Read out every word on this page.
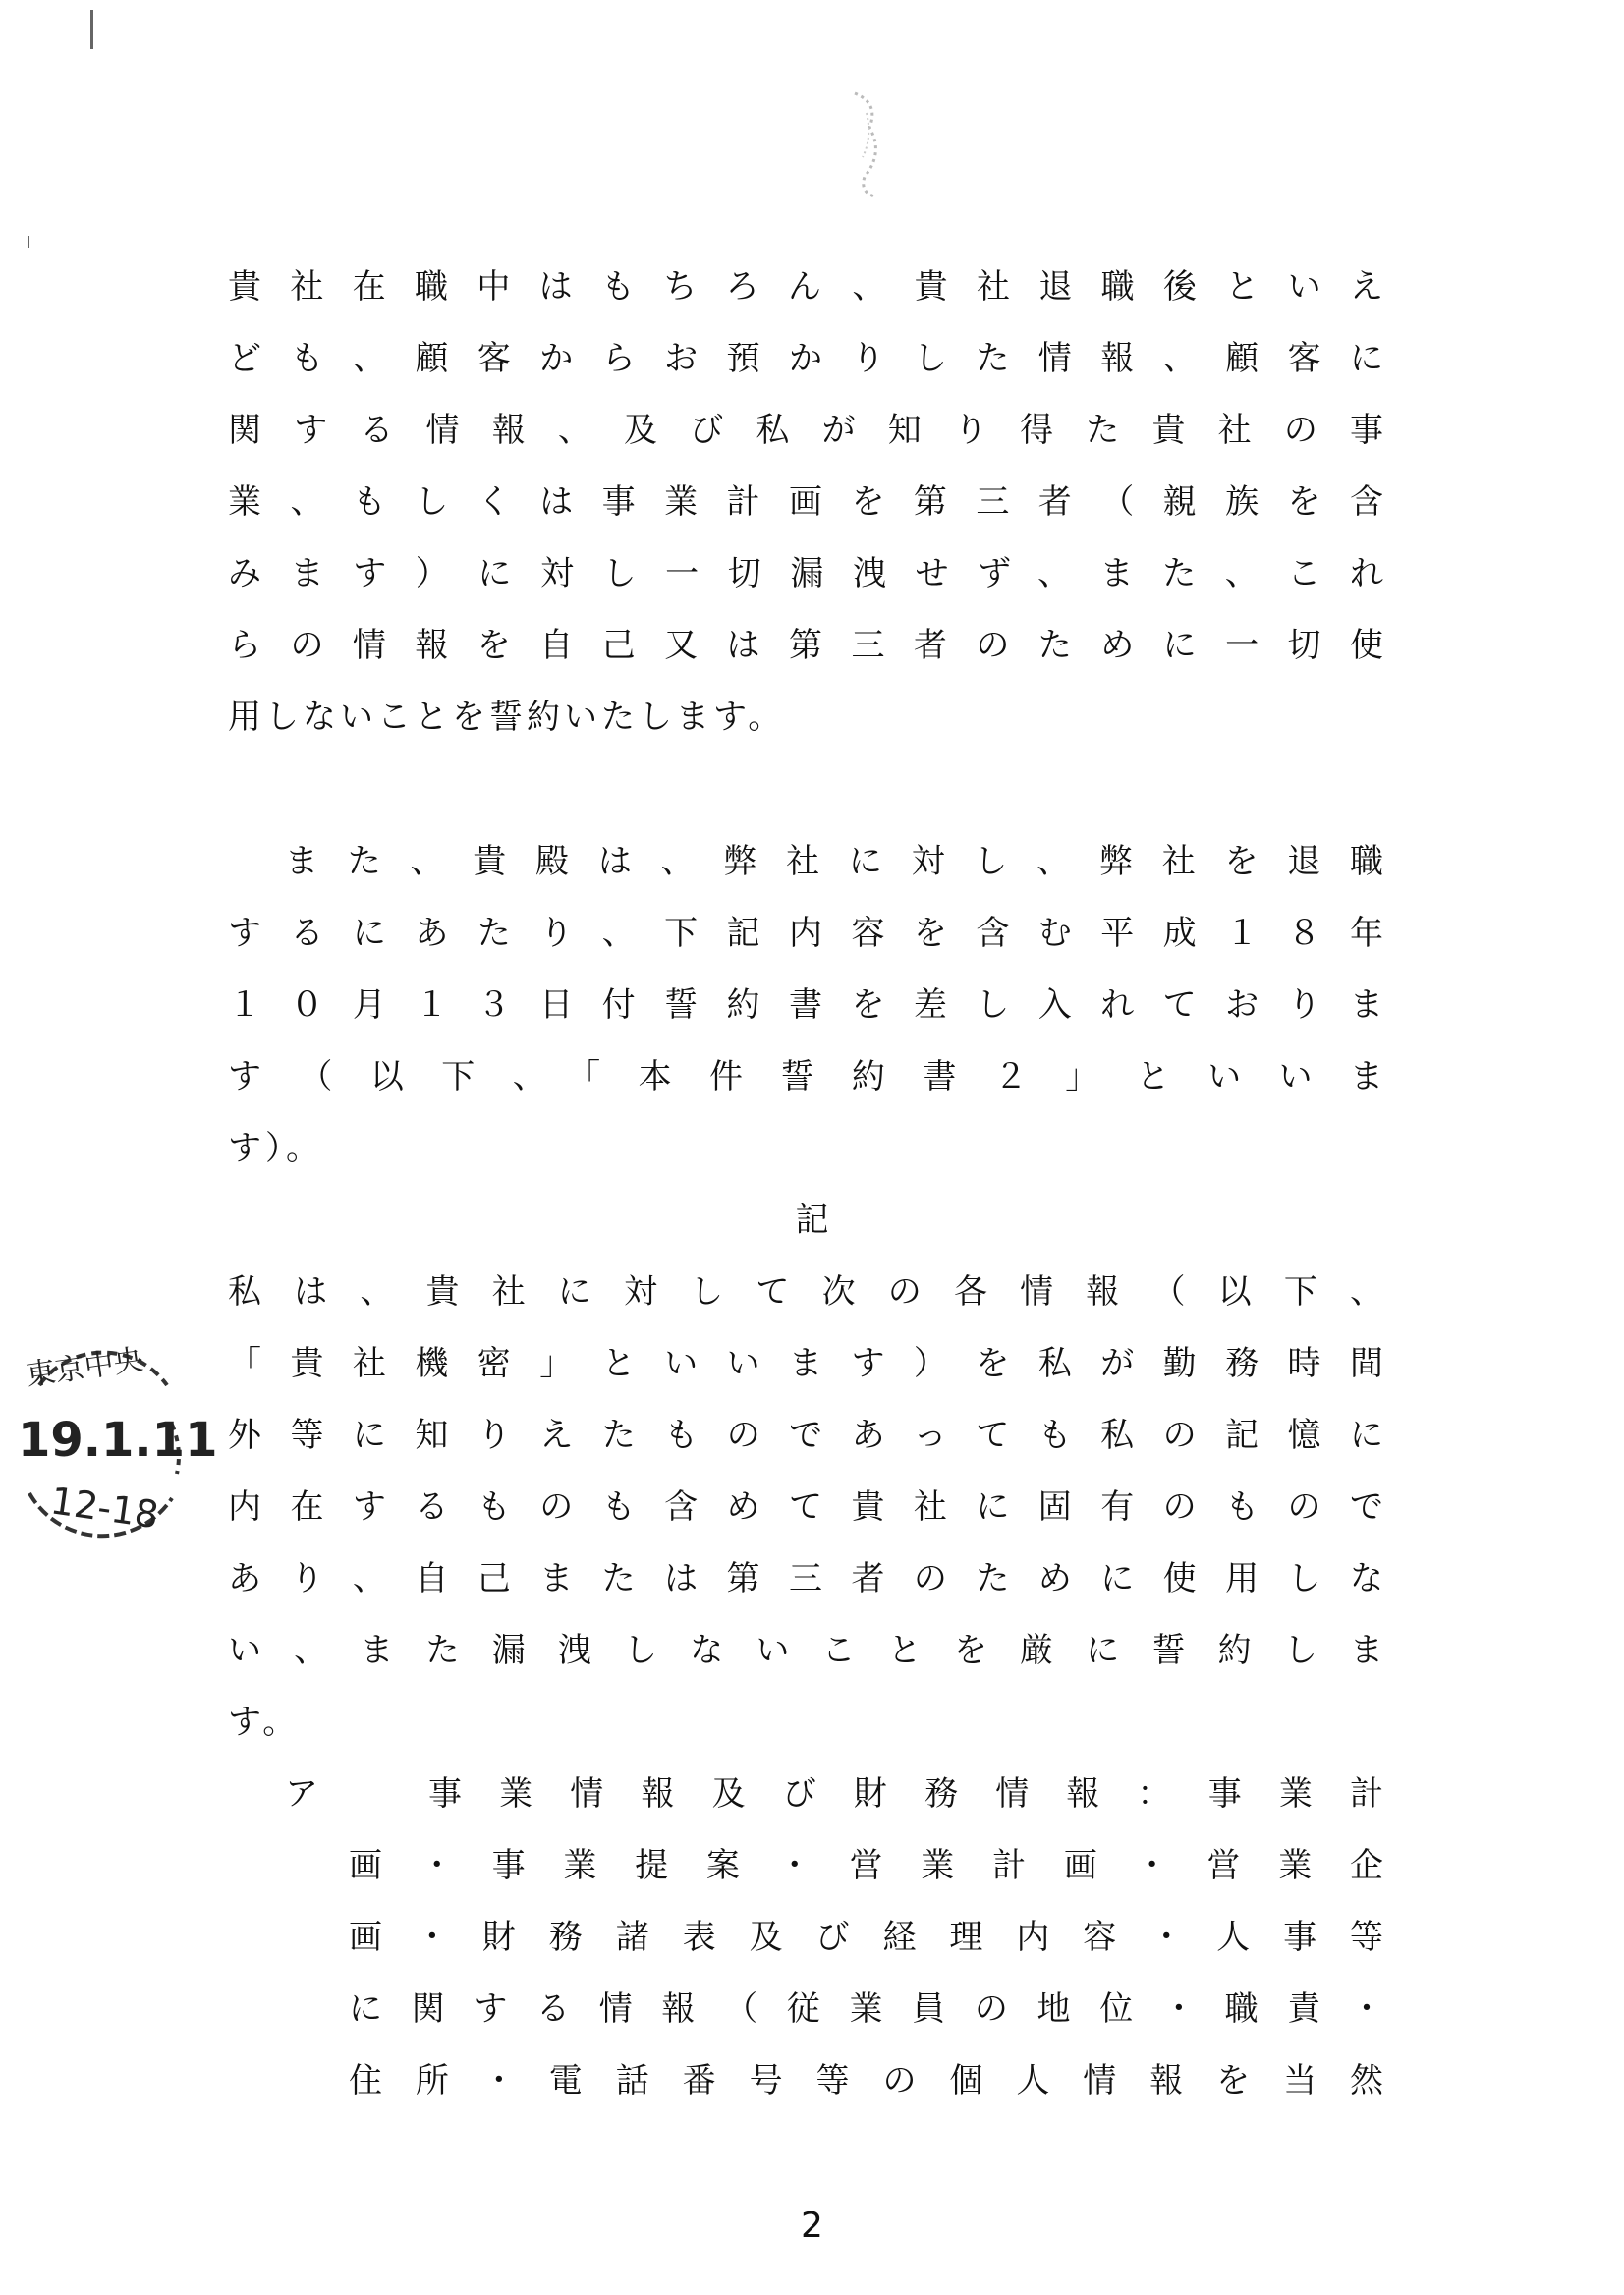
貴社在職中はもちろん、貴社退職後といえ

ども、顧客からお預かりした情報、顧客に

関する情報、及び私が知り得た貴社の事

業、もしくは事業計画を第三者（親族を含

みます）に対し一切漏洩せず、また、これ

らの情報を自己又は第三者のために一切使

用しないことを誓約いたします。

また、貴殿は、弊社に対し、弊社を退職

するにあたり、下記内容を含む平成１８年

１０月１３日付誓約書を差し入れておりま

す（以下、「本件誓約書２」といいま

す）。

記

私は、貴社に対して次の各情報（以下、

「貴社機密」といいます）を私が勤務時間

外等に知りえたものであっても私の記憶に

内在するものも含めて貴社に固有のもので

あり、自己または第三者のために使用しな

い、また漏洩しないことを厳に誓約しま

す。

ア	事業情報及び財務情報：事業計

画・事業提案・営業計画・営業企

画・財務諸表及び経理内容・人事等

に関する情報（従業員の地位・職責・

住所・電話番号等の個人情報を当然

東京中央
19.1.11
12-18
2
